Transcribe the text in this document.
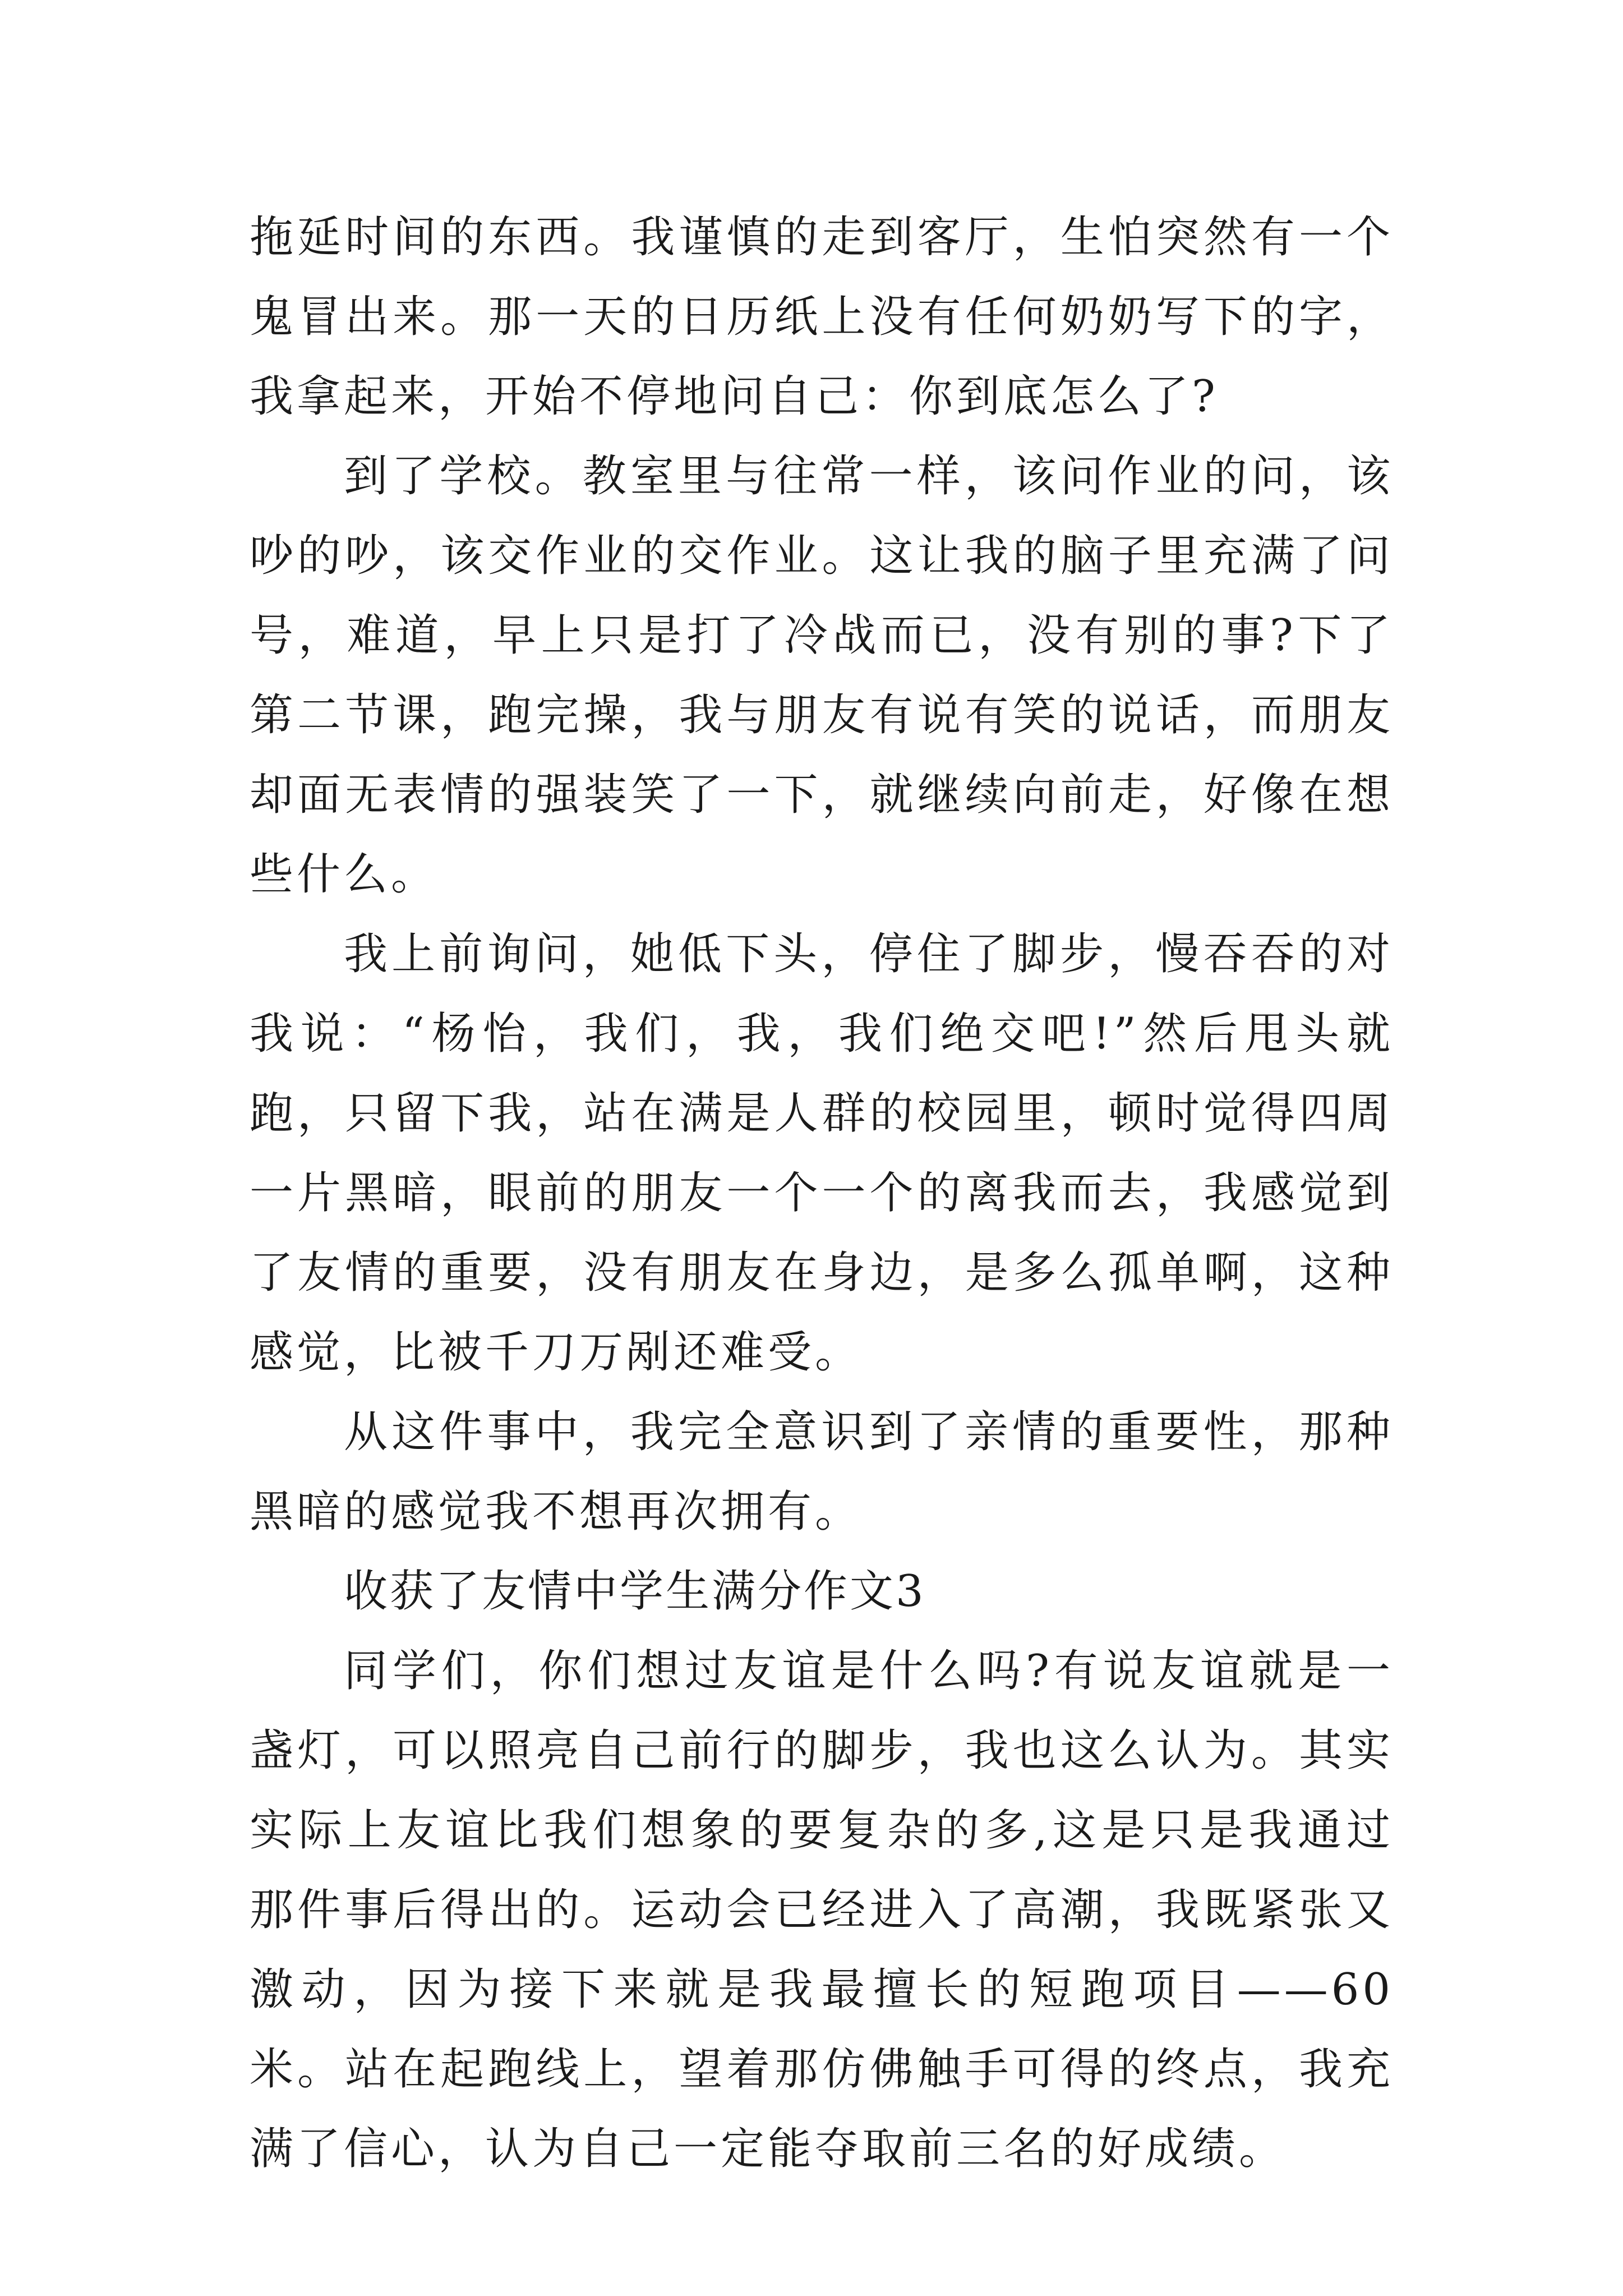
拖延时间的东西。我谨慎的走到客厅，生怕突然有一个鬼冒出来。那一天的日历纸上没有任何奶奶写下的字，我拿起来，开始不停地问自己：你到底怎么了?

到了学校。教室里与往常一样，该问作业的问，该吵的吵，该交作业的交作业。这让我的脑子里充满了问号，难道，早上只是打了冷战而已，没有别的事?下了第二节课，跑完操，我与朋友有说有笑的说话，而朋友却面无表情的强装笑了一下，就继续向前走，好像在想些什么。

我上前询问，她低下头，停住了脚步，慢吞吞的对我说：“杨怡，我们，我，我们绝交吧!”然后甩头就跑，只留下我，站在满是人群的校园里，顿时觉得四周一片黑暗，眼前的朋友一个一个的离我而去，我感觉到了友情的重要，没有朋友在身边，是多么孤单啊，这种感觉，比被千刀万剐还难受。

从这件事中，我完全意识到了亲情的重要性，那种黑暗的感觉我不想再次拥有。

收获了友情中学生满分作文3

同学们，你们想过友谊是什么吗?有说友谊就是一盏灯，可以照亮自己前行的脚步，我也这么认为。其实实际上友谊比我们想象的要复杂的多,这是只是我通过那件事后得出的。运动会已经进入了高潮，我既紧张又激动，因为接下来就是我最擅长的短跑项目——60米。站在起跑线上，望着那仿佛触手可得的终点，我充满了信心，认为自己一定能夺取前三名的好成绩。
